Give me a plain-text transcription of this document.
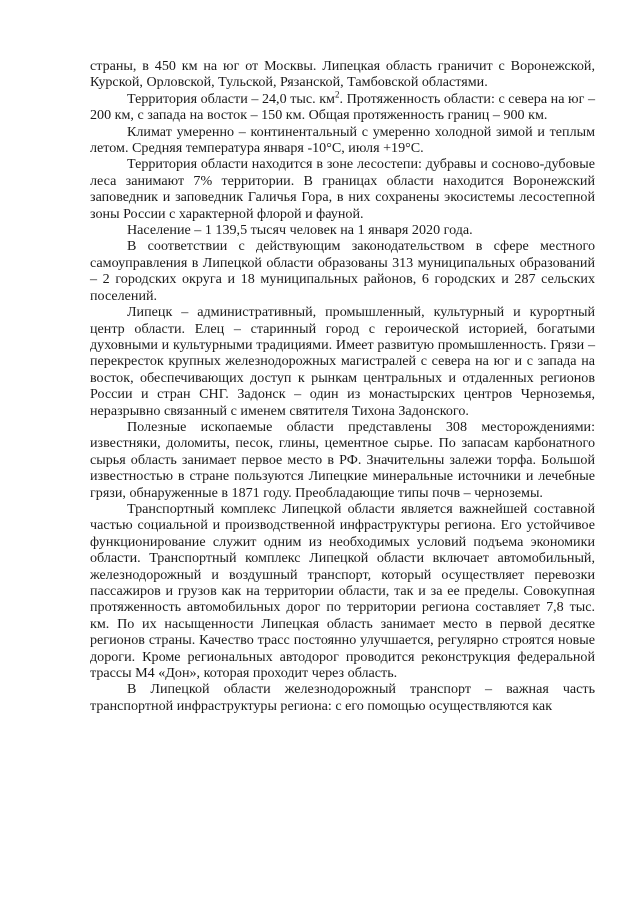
страны, в 450 км на юг от Москвы. Липецкая область граничит с Воронежской, Курской, Орловской, Тульской, Рязанской, Тамбовской областями.

Территория области – 24,0 тыс. $км^2$. Протяженность области: с севера на юг – 200 км, с запада на восток – 150 км. Общая протяженность границ – 900 км.

Климат умеренно – континентальный с умеренно холодной зимой и теплым летом. Средняя температура января -10°С, июля +19°С.

Территория области находится в зоне лесостепи: дубравы и сосново-дубовые леса занимают 7% территории. В границах области находится Воронежский заповедник и заповедник Галичья Гора, в них сохранены экосистемы лесостепной зоны России с характерной флорой и фауной.

Население – 1 139,5 тысяч человек на 1 января 2020 года.

В соответствии с действующим законодательством в сфере местного самоуправления в Липецкой области образованы 313 муниципальных образований – 2 городских округа и 18 муниципальных районов, 6 городских и 287 сельских поселений.

Липецк – административный, промышленный, культурный и курортный центр области. Елец – старинный город с героической историей, богатыми духовными и культурными традициями. Имеет развитую промышленность. Грязи – перекресток крупных железнодорожных магистралей с севера на юг и с запада на восток, обеспечивающих доступ к рынкам центральных и отдаленных регионов России и стран СНГ. Задонск – один из монастырских центров Черноземья, неразрывно связанный с именем святителя Тихона Задонского.

Полезные ископаемые области представлены 308 месторождениями: известняки, доломиты, песок, глины, цементное сырье. По запасам карбонатного сырья область занимает первое место в РФ. Значительны залежи торфа. Большой известностью в стране пользуются Липецкие минеральные источники и лечебные грязи, обнаруженные в 1871 году. Преобладающие типы почв – черноземы.

Транспортный комплекс Липецкой области является важнейшей составной частью социальной и производственной инфраструктуры региона. Его устойчивое функционирование служит одним из необходимых условий подъема экономики области. Транспортный комплекс Липецкой области включает автомобильный, железнодорожный и воздушный транспорт, который осуществляет перевозки пассажиров и грузов как на территории области, так и за ее пределы. Совокупная протяженность автомобильных дорог по территории региона составляет 7,8 тыс. км. По их насыщенности Липецкая область занимает место в первой десятке регионов страны. Качество трасс постоянно улучшается, регулярно строятся новые дороги. Кроме региональных автодорог проводится реконструкция федеральной трассы М4 «Дон», которая проходит через область.

В Липецкой области железнодорожный транспорт – важная часть транспортной инфраструктуры региона: с его помощью осуществляются как
